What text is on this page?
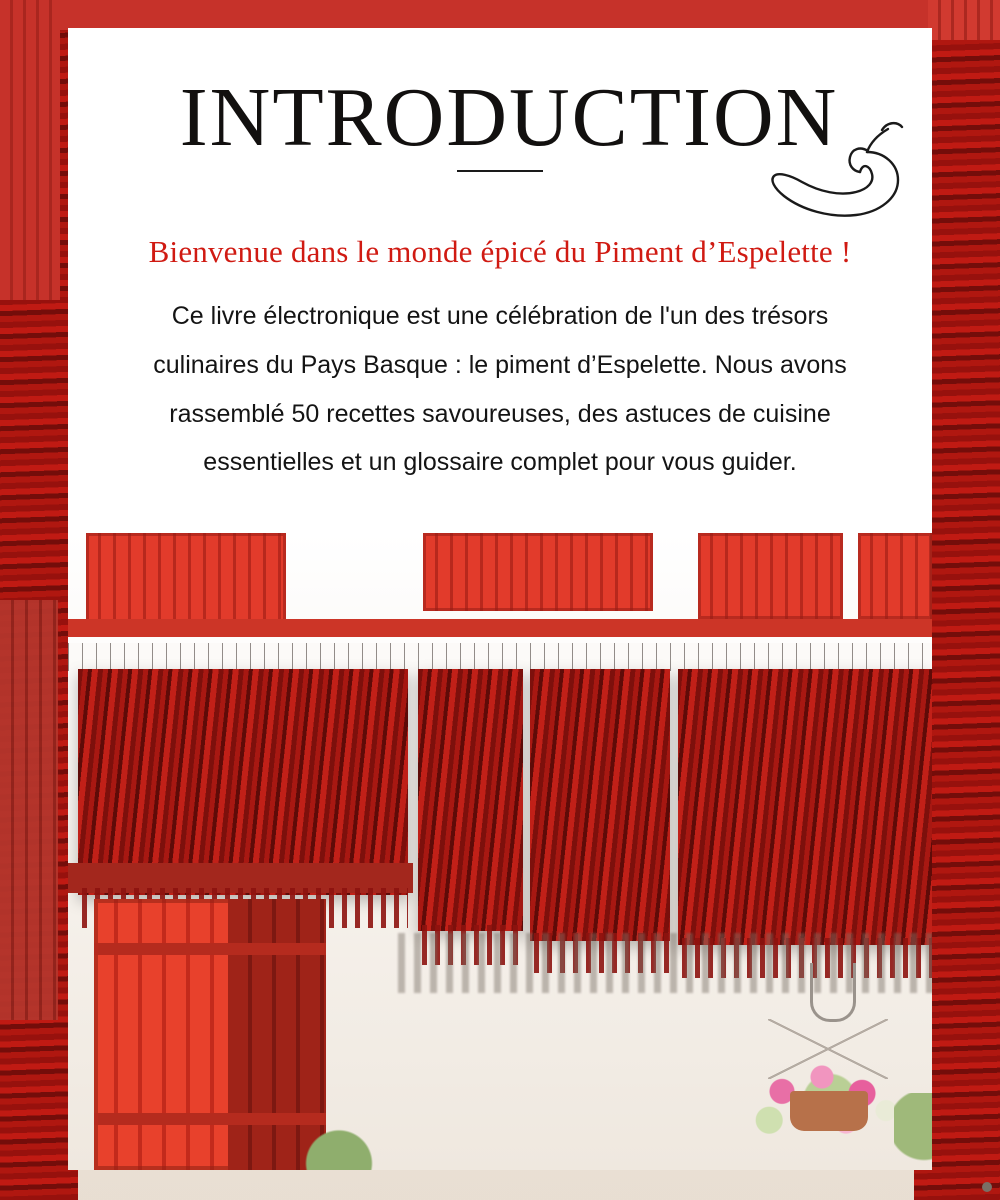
INTRODUCTION
Bienvenue dans le monde épicé du Piment d’Espelette !
Ce livre électronique est une célébration de l'un des trésors culinaires du Pays Basque : le piment d’Espelette. Nous avons rassemblé 50 recettes savoureuses, des astuces de cuisine essentielles et un glossaire complet pour vous guider.
